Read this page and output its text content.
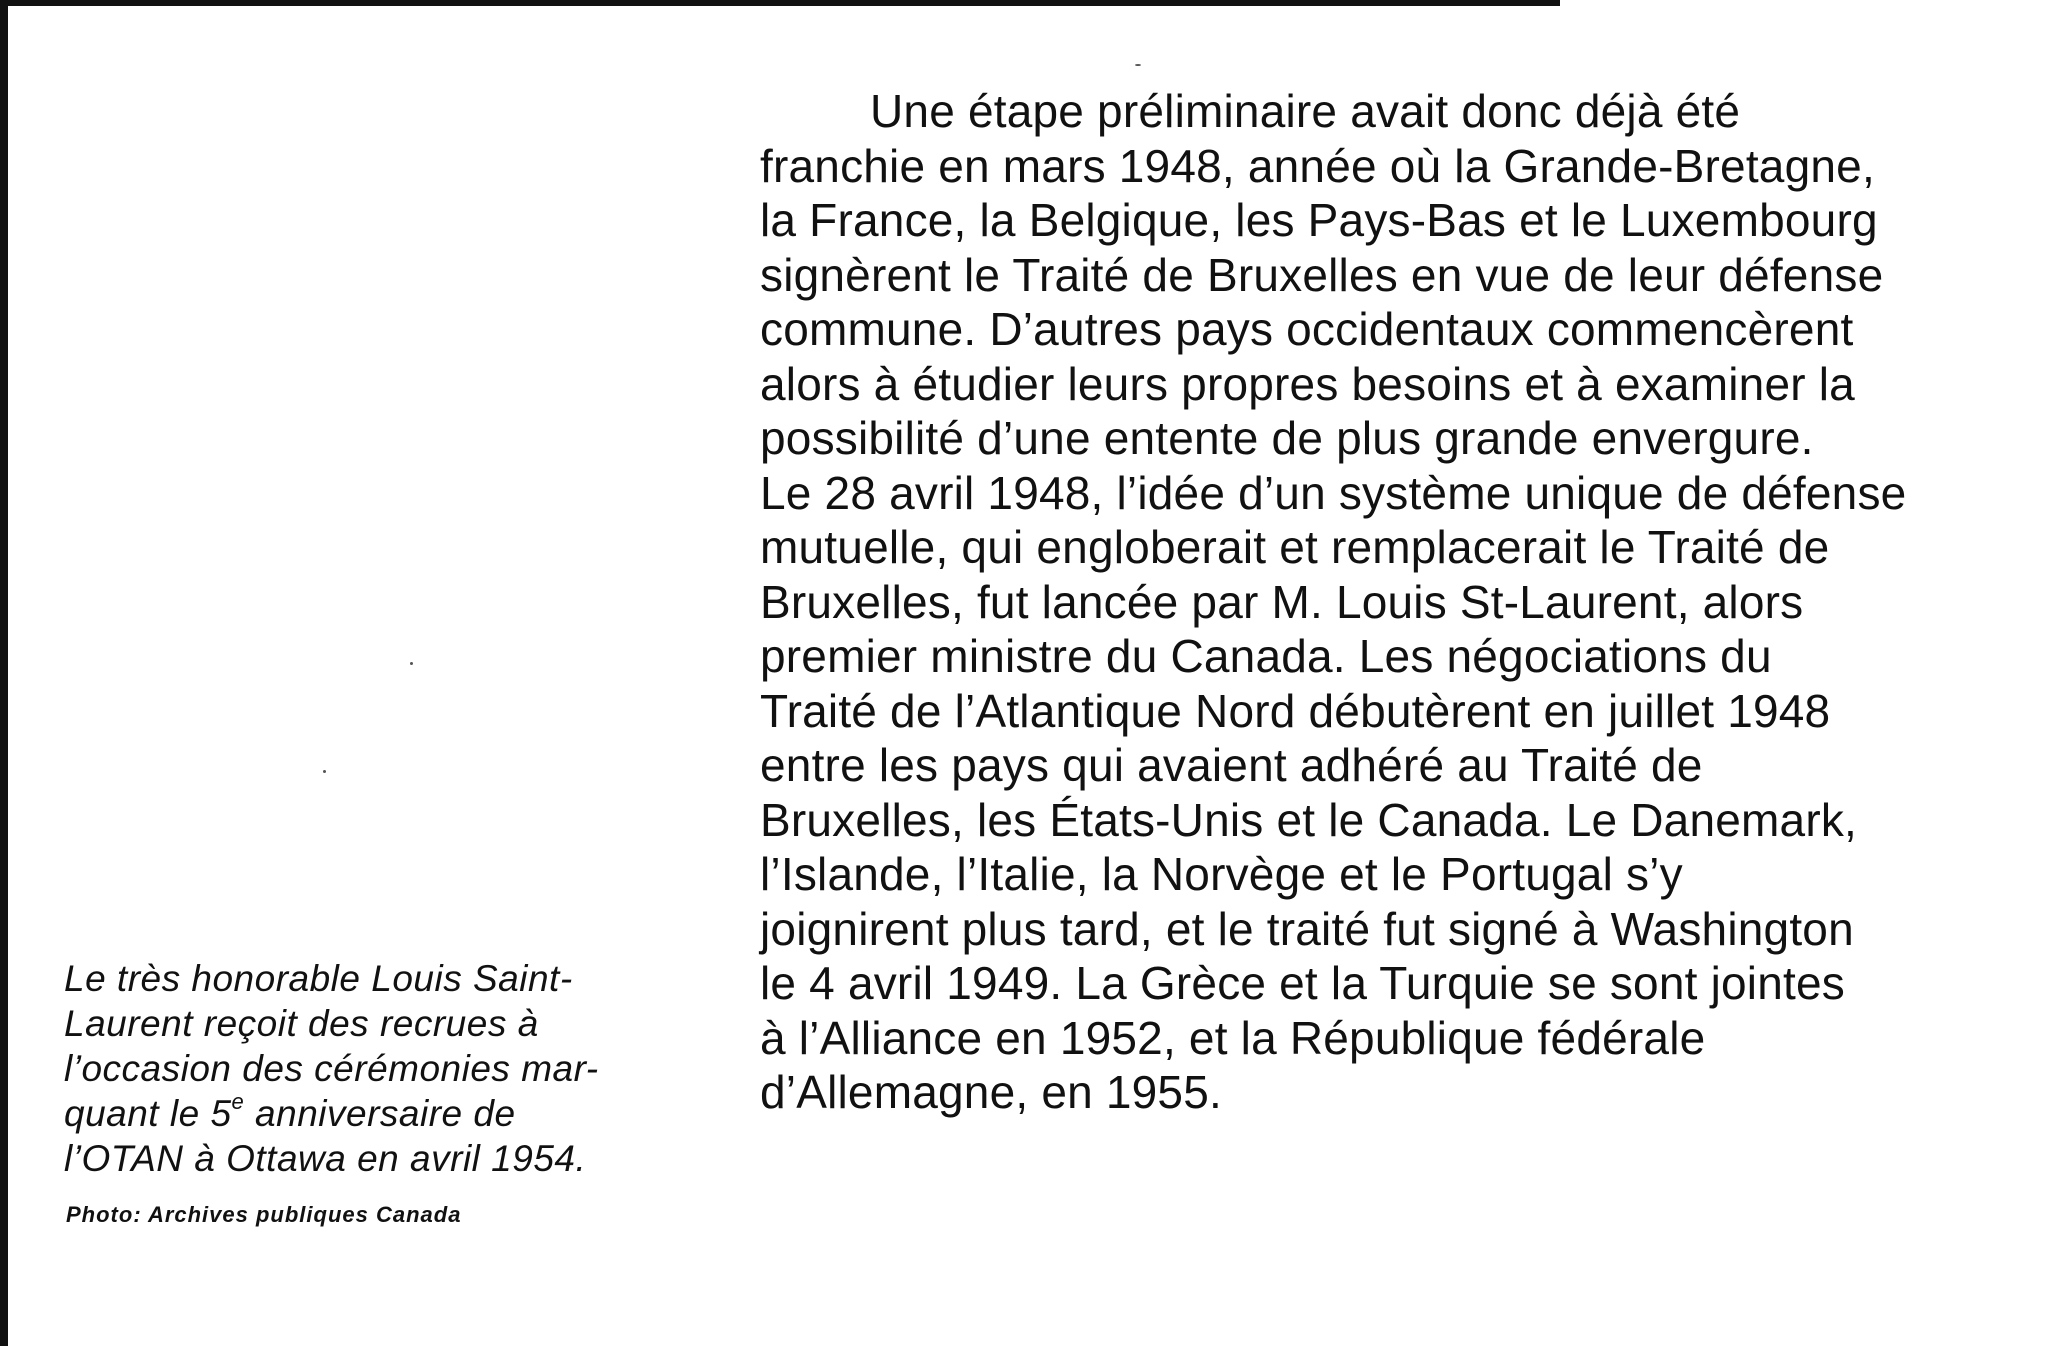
Le très honorable Louis Saint-
Laurent reçoit des recrues à
l’occasion des cérémonies mar-
quant le 5e anniversaire de
l’OTAN à Ottawa en avril 1954.
Photo: Archives publiques Canada
Une étape préliminaire avait donc déjà été
franchie en mars 1948, année où la Grande-Bretagne,
la France, la Belgique, les Pays-Bas et le Luxembourg
signèrent le Traité de Bruxelles en vue de leur défense
commune. D’autres pays occidentaux commencèrent
alors à étudier leurs propres besoins et à examiner la
possibilité d’une entente de plus grande envergure.
Le 28 avril 1948, l’idée d’un système unique de défense
mutuelle, qui engloberait et remplacerait le Traité de
Bruxelles, fut lancée par M. Louis St-Laurent, alors
premier ministre du Canada. Les négociations du
Traité de l’Atlantique Nord débutèrent en juillet 1948
entre les pays qui avaient adhéré au Traité de
Bruxelles, les États-Unis et le Canada. Le Danemark,
l’Islande, l’Italie, la Norvège et le Portugal s’y
joignirent plus tard, et le traité fut signé à Washington
le 4 avril 1949. La Grèce et la Turquie se sont jointes
à l’Alliance en 1952, et la République fédérale
d’Allemagne, en 1955.
